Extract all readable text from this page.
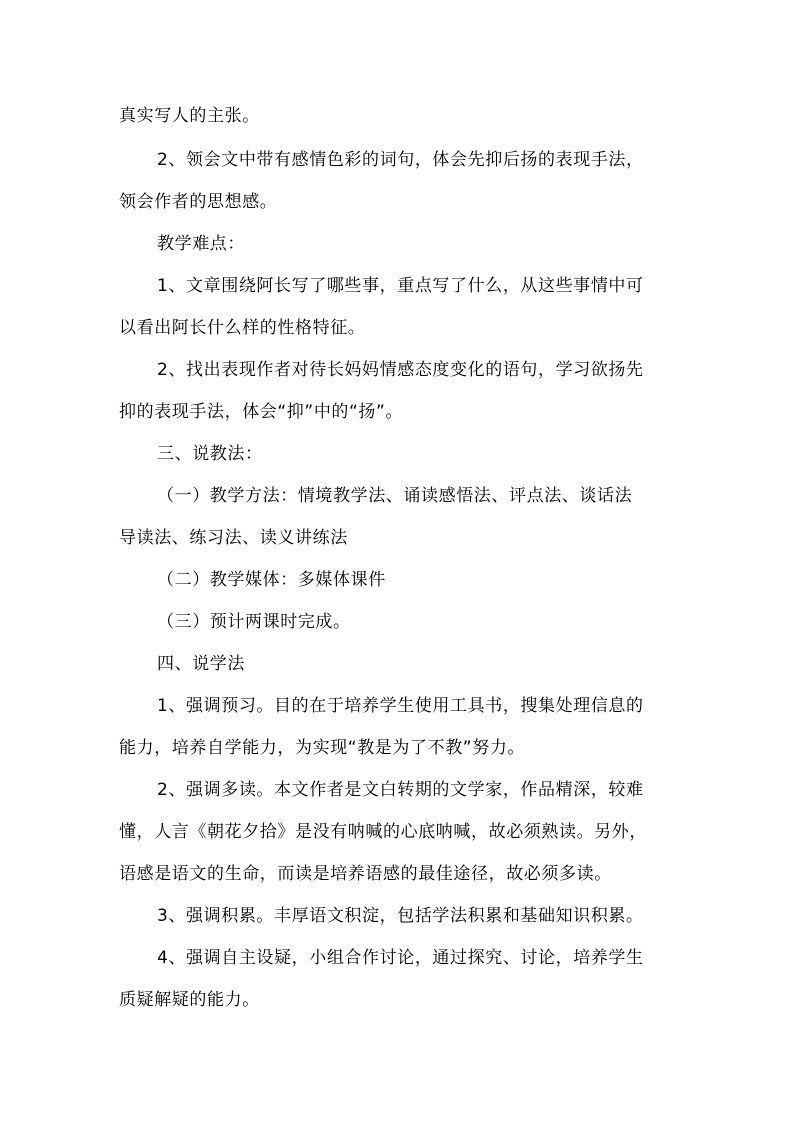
真实写人的主张。
2、领会文中带有感情色彩的词句，体会先抑后扬的表现手法，
领会作者的思想感。
教学难点：
1、文章围绕阿长写了哪些事，重点写了什么，从这些事情中可
以看出阿长什么样的性格特征。
2、找出表现作者对待长妈妈情感态度变化的语句，学习欲扬先
抑的表现手法，体会“抑”中的“扬”。
三、说教法：
（一）教学方法：情境教学法、诵读感悟法、评点法、谈话法
导读法、练习法、读义讲练法
（二）教学媒体：多媒体课件
（三）预计两课时完成。
四、说学法
1、强调预习。目的在于培养学生使用工具书，搜集处理信息的
能力，培养自学能力，为实现“教是为了不教”努力。
2、强调多读。本文作者是文白转期的文学家，作品精深，较难
懂，人言《朝花夕拾》是没有呐喊的心底呐喊，故必须熟读。另外，
语感是语文的生命，而读是培养语感的最佳途径，故必须多读。
3、强调积累。丰厚语文积淀，包括学法积累和基础知识积累。
4、强调自主设疑，小组合作讨论，通过探究、讨论，培养学生
质疑解疑的能力。
